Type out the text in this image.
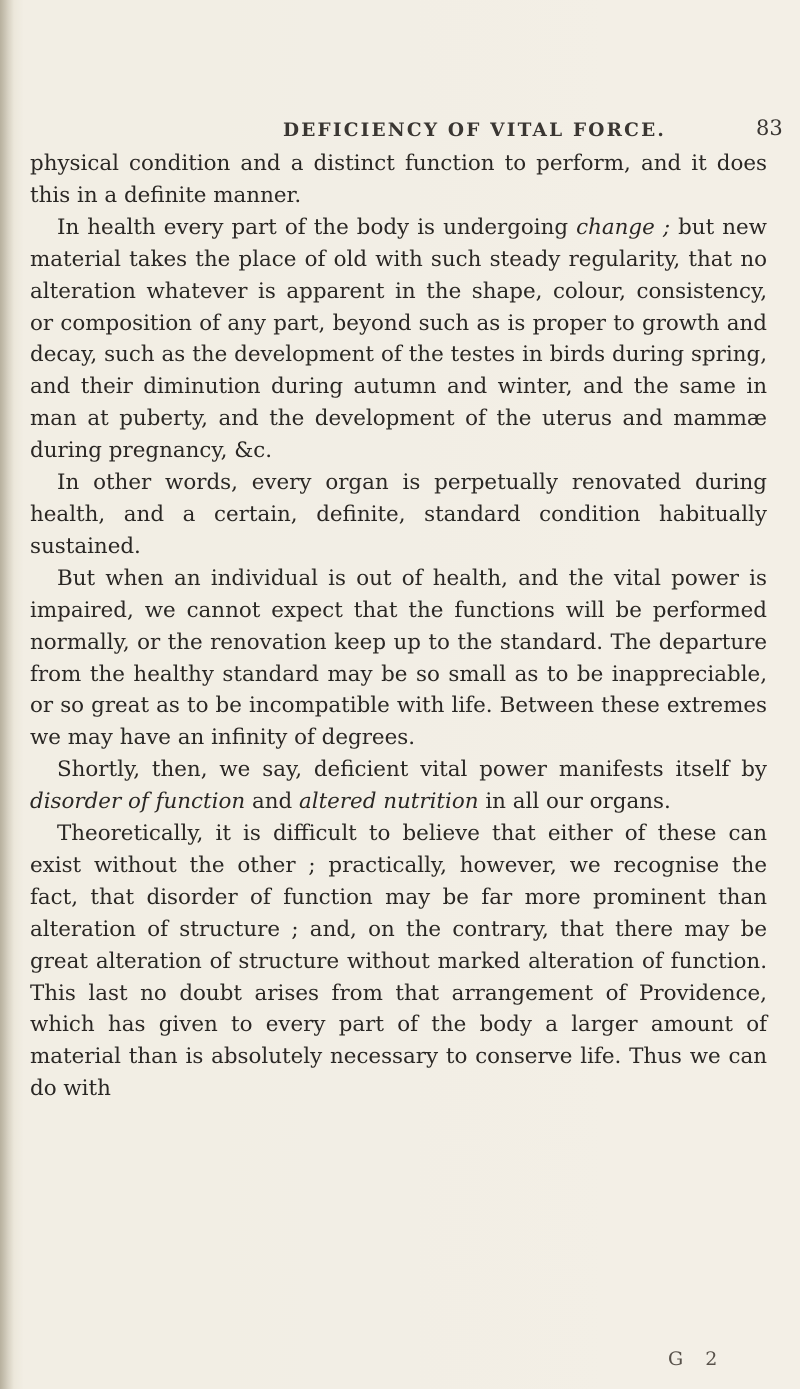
DEFICIENCY OF VITAL FORCE.	83

physical condition and a distinct function to perform, and it does this in a definite manner.

In health every part of the body is undergoing change ; but new material takes the place of old with such steady regularity, that no alteration whatever is apparent in the shape, colour, consistency, or composition of any part, beyond such as is proper to growth and decay, such as the development of the testes in birds during spring, and their diminution during autumn and winter, and the same in man at puberty, and the development of the uterus and mammæ during pregnancy, &c.

In other words, every organ is perpetually renovated during health, and a certain, definite, standard condition habitually sustained.

But when an individual is out of health, and the vital power is impaired, we cannot expect that the functions will be performed normally, or the renovation keep up to the standard. The departure from the healthy standard may be so small as to be inappreciable, or so great as to be incompatible with life. Between these extremes we may have an infinity of degrees.

Shortly, then, we say, deficient vital power manifests itself by disorder of function and altered nutrition in all our organs.

Theoretically, it is difficult to believe that either of these can exist without the other ; practically, however, we recognise the fact, that disorder of function may be far more prominent than alteration of structure ; and, on the contrary, that there may be great alteration of structure without marked alteration of function. This last no doubt arises from that arrangement of Providence, which has given to every part of the body a larger amount of material than is absolutely necessary to conserve life. Thus we can do with

G 2
